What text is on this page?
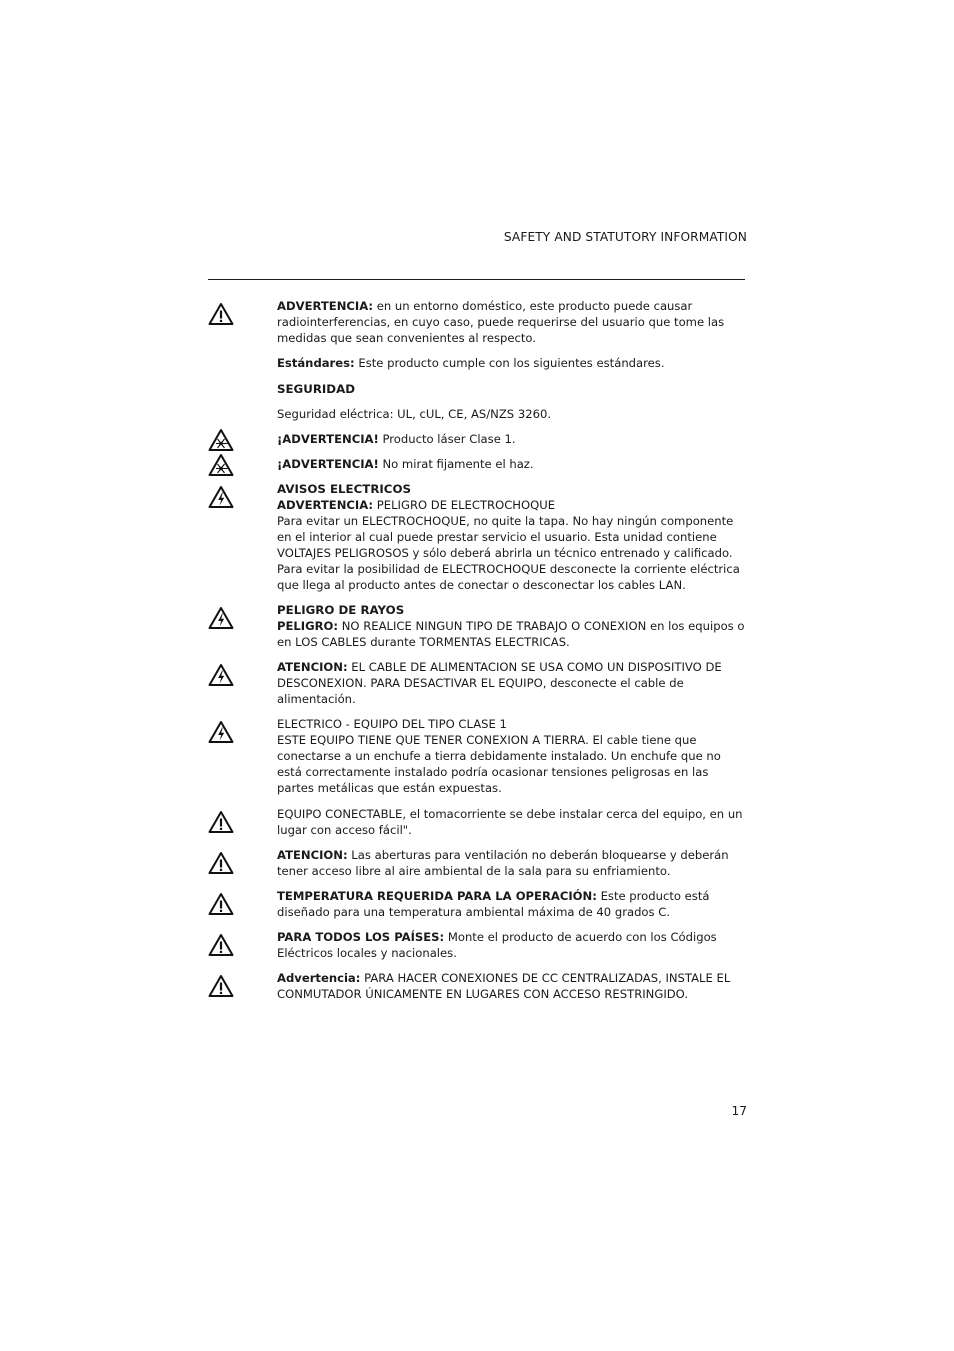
SAFETY AND STATUTORY INFORMATION

ADVERTENCIA: en un entorno doméstico, este producto puede causar radiointerferencias, en cuyo caso, puede requerirse del usuario que tome las medidas que sean convenientes al respecto.

Estándares: Este producto cumple con los siguientes estándares.

SEGURIDAD

Seguridad eléctrica: UL, cUL, CE, AS/NZS 3260.

¡ADVERTENCIA! Producto láser Clase 1.

¡ADVERTENCIA! No mirat fijamente el haz.

AVISOS ELECTRICOS

ADVERTENCIA: PELIGRO DE ELECTROCHOQUE

Para evitar un ELECTROCHOQUE, no quite la tapa. No hay ningún componente en el interior al cual puede prestar servicio el usuario. Esta unidad contiene VOLTAJES PELIGROSOS y sólo deberá abrirla un técnico entrenado y calificado. Para evitar la posibilidad de ELECTROCHOQUE desconecte la corriente eléctrica que llega al producto antes de conectar o desconectar los cables LAN.

PELIGRO DE RAYOS

PELIGRO: NO REALICE NINGUN TIPO DE TRABAJO O CONEXION en los equipos o en LOS CABLES durante TORMENTAS ELECTRICAS.

ATENCION: EL CABLE DE ALIMENTACION SE USA COMO UN DISPOSITIVO DE DESCONEXION. PARA DESACTIVAR EL EQUIPO, desconecte el cable de alimentación.

ELECTRICO - EQUIPO DEL TIPO CLASE 1

ESTE EQUIPO TIENE QUE TENER CONEXION A TIERRA. El cable tiene que conectarse a un enchufe a tierra debidamente instalado. Un enchufe que no está correctamente instalado podría ocasionar tensiones peligrosas en las partes metálicas que están expuestas.

EQUIPO CONECTABLE, el tomacorriente se debe instalar cerca del equipo, en un lugar con acceso fácil".

ATENCION: Las aberturas para ventilación no deberán bloquearse y deberán tener acceso libre al aire ambiental de la sala para su enfriamiento.

TEMPERATURA REQUERIDA PARA LA OPERACIÓN: Este producto está diseñado para una temperatura ambiental máxima de 40 grados C.

PARA TODOS LOS PAÍSES: Monte el producto de acuerdo con los Códigos Eléctricos locales y nacionales.

Advertencia: PARA HACER CONEXIONES DE CC CENTRALIZADAS, INSTALE EL CONMUTADOR ÚNICAMENTE EN LUGARES CON ACCESO RESTRINGIDO.

17
